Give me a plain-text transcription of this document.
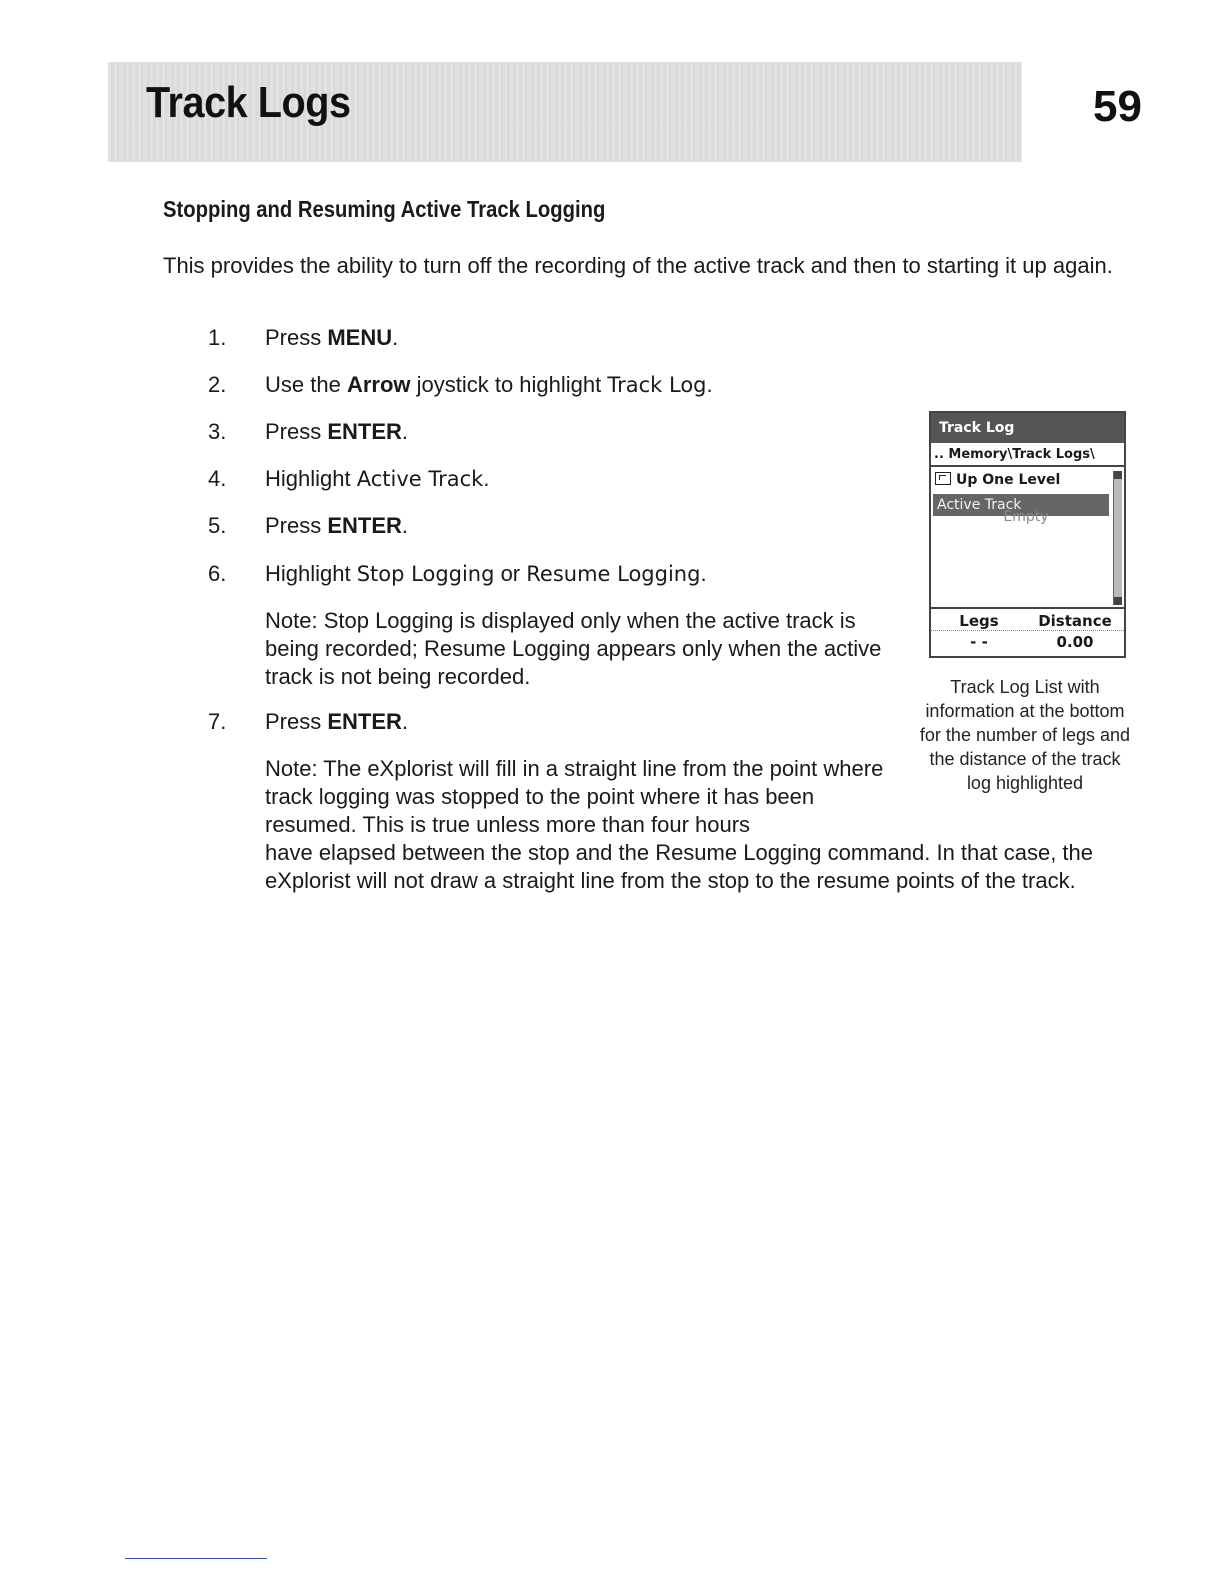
Track Logs	59
Stopping and Resuming Active Track Logging
This provides the ability to turn off the recording of the active track and then to starting it up again.
1. Press MENU.
2. Use the Arrow joystick to highlight Track Log.
3. Press ENTER.
4. Highlight Active Track.
5. Press ENTER.
6. Highlight Stop Logging or Resume Logging.
7. Press ENTER.
Note: Stop Logging is displayed only when the active track is being recorded; Resume Logging appears only when the active track is not being recorded.
Note: The eXplorist will fill in a straight line from the point where track logging was stopped to the point where it has been resumed. This is true unless more than four hours
have elapsed between the stop and the Resume Logging command. In that case, the eXplorist will not draw a straight line from the stop to the resume points of the track.
Track Log
.. Memory\Track Logs\
Up One Level
Active Track
Empty
Legs	Distance
- -	0.00
Track Log List with
information at the bottom
for the number of legs and
the distance of the track
log highlighted
